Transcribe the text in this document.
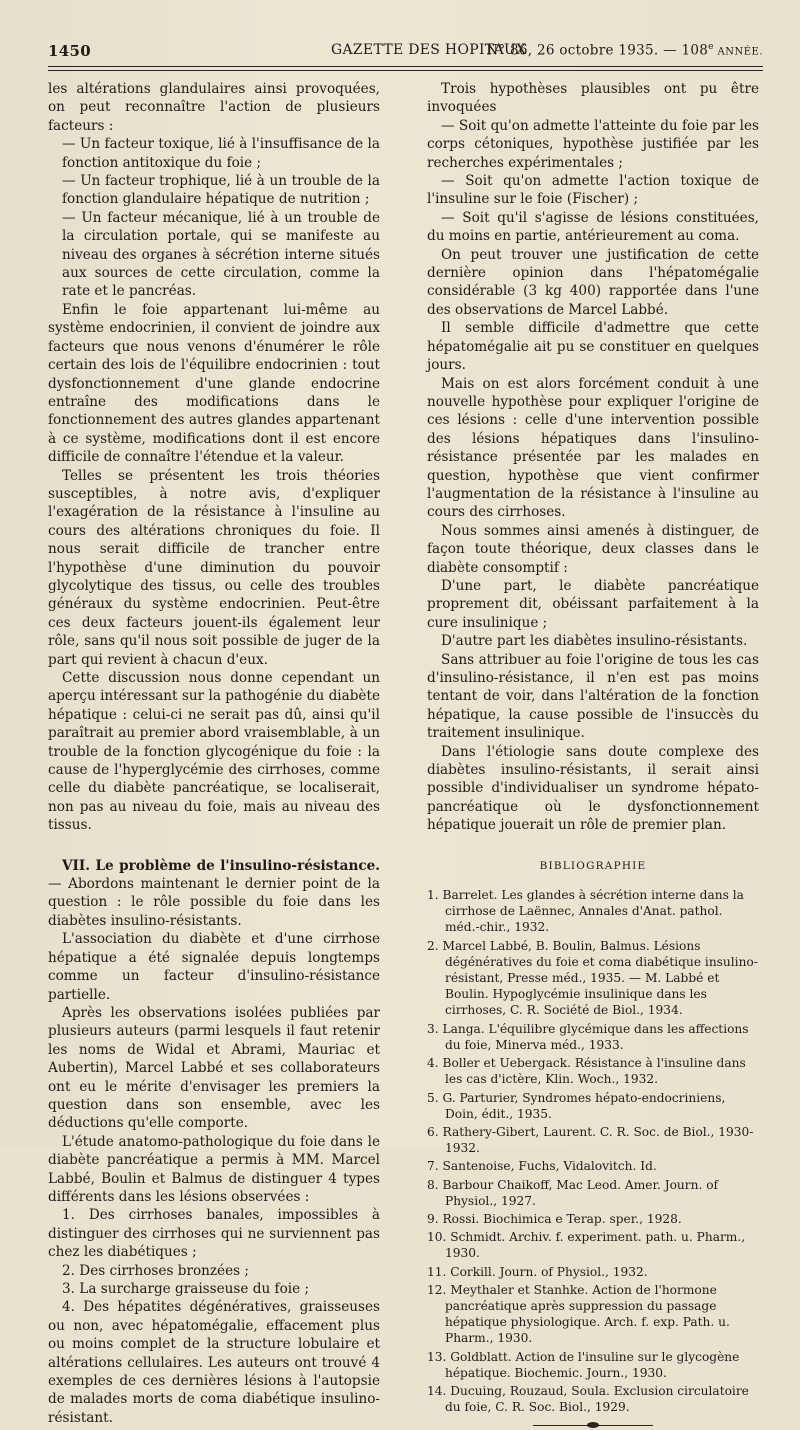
1450	GAZETTE DES HOPITAUX
N° 86, 26 octobre 1935. — 108e ANNÉE.

les altérations glandulaires ainsi provoquées, on peut reconnaître l'action de plusieurs facteurs :

— Un facteur toxique, lié à l'insuffisance de la fonction antitoxique du foie ;

— Un facteur trophique, lié à un trouble de la fonction glandulaire hépatique de nutrition ;

— Un facteur mécanique, lié à un trouble de la circulation portale, qui se manifeste au niveau des organes à sécrétion interne situés aux sources de cette circulation, comme la rate et le pancréas.

Enfin le foie appartenant lui-même au système endocrinien, il convient de joindre aux facteurs que nous venons d'énumérer le rôle certain des lois de l'équilibre endocrinien : tout dysfonctionnement d'une glande endocrine entraîne des modifications dans le fonctionnement des autres glandes appartenant à ce système, modifications dont il est encore difficile de connaître l'étendue et la valeur.

Telles se présentent les trois théories susceptibles, à notre avis, d'expliquer l'exagération de la résistance à l'insuline au cours des altérations chroniques du foie. Il nous serait difficile de trancher entre l'hypothèse d'une diminution du pouvoir glycolytique des tissus, ou celle des troubles généraux du système endocrinien. Peut-être ces deux facteurs jouent-ils également leur rôle, sans qu'il nous soit possible de juger de la part qui revient à chacun d'eux.

Cette discussion nous donne cependant un aperçu intéressant sur la pathogénie du diabète hépatique : celui-ci ne serait pas dû, ainsi qu'il paraîtrait au premier abord vraisemblable, à un trouble de la fonction glycogénique du foie : la cause de l'hyperglycémie des cirrhoses, comme celle du diabète pancréatique, se localiserait, non pas au niveau du foie, mais au niveau des tissus.

VII. Le problème de l'insulino-résistance. — Abordons maintenant le dernier point de la question : le rôle possible du foie dans les diabètes insulino-résistants.

L'association du diabète et d'une cirrhose hépatique a été signalée depuis longtemps comme un facteur d'insulino-résistance partielle.

Après les observations isolées publiées par plusieurs auteurs (parmi lesquels il faut retenir les noms de Widal et Abrami, Mauriac et Aubertin), Marcel Labbé et ses collaborateurs ont eu le mérite d'envisager les premiers la question dans son ensemble, avec les déductions qu'elle comporte.

L'étude anatomo-pathologique du foie dans le diabète pancréatique a permis à MM. Marcel Labbé, Boulin et Balmus de distinguer 4 types différents dans les lésions observées :

1. Des cirrhoses banales, impossibles à distinguer des cirrhoses qui ne surviennent pas chez les diabétiques ;

2. Des cirrhoses bronzées ;

3. La surcharge graisseuse du foie ;

4. Des hépatites dégénératives, graisseuses ou non, avec hépatomégalie, effacement plus ou moins complet de la structure lobulaire et altérations cellulaires. Les auteurs ont trouvé 4 exemples de ces dernières lésions à l'autopsie de malades morts de coma diabétique insulino-résistant.

Trois hypothèses plausibles ont pu être invoquées

— Soit qu'on admette l'atteinte du foie par les corps cétoniques, hypothèse justifiée par les recherches expérimentales ;

— Soit qu'on admette l'action toxique de l'insuline sur le foie (Fischer) ;

— Soit qu'il s'agisse de lésions constituées, du moins en partie, antérieurement au coma.

On peut trouver une justification de cette dernière opinion dans l'hépatomégalie considérable (3 kg 400) rapportée dans l'une des observations de Marcel Labbé.

Il semble difficile d'admettre que cette hépatomégalie ait pu se constituer en quelques jours.

Mais on est alors forcément conduit à une nouvelle hypothèse pour expliquer l'origine de ces lésions : celle d'une intervention possible des lésions hépatiques dans l'insulino-résistance présentée par les malades en question, hypothèse que vient confirmer l'augmentation de la résistance à l'insuline au cours des cirrhoses.

Nous sommes ainsi amenés à distinguer, de façon toute théorique, deux classes dans le diabète consomptif :

D'une part, le diabète pancréatique proprement dit, obéissant parfaitement à la cure insulinique ;

D'autre part les diabètes insulino-résistants.

Sans attribuer au foie l'origine de tous les cas d'insulino-résistance, il n'en est pas moins tentant de voir, dans l'altération de la fonction hépatique, la cause possible de l'insuccès du traitement insulinique.

Dans l'étiologie sans doute complexe des diabètes insulino-résistants, il serait ainsi possible d'individualiser un syndrome hépato-pancréatique où le dysfonctionnement hépatique jouerait un rôle de premier plan.

BIBLIOGRAPHIE
1. Barrelet. Les glandes à sécrétion interne dans la cirrhose de Laënnec, Annales d'Anat. pathol. méd.-chir., 1932.
2. Marcel Labbé, B. Boulin, Balmus. Lésions dégénératives du foie et coma diabétique insulino-résistant, Presse méd., 1935. — M. Labbé et Boulin. Hypoglycémie insulinique dans les cirrhoses, C. R. Société de Biol., 1934.
3. Langa. L'équilibre glycémique dans les affections du foie, Minerva méd., 1933.
4. Boller et Uebergack. Résistance à l'insuline dans les cas d'ictère, Klin. Woch., 1932.
5. G. Parturier, Syndromes hépato-endocriniens, Doin, édit., 1935.
6. Rathery-Gibert, Laurent. C. R. Soc. de Biol., 1930-1932.
7. Santenoise, Fuchs, Vidalovitch. Id.
8. Barbour Chaikoff, Mac Leod. Amer. Journ. of Physiol., 1927.
9. Rossi. Biochimica e Terap. sper., 1928.
10. Schmidt. Archiv. f. experiment. path. u. Pharm., 1930.
11. Corkill. Journ. of Physiol., 1932.
12. Meythaler et Stanhke. Action de l'hormone pancréatique après suppression du passage hépatique physiologique. Arch. f. exp. Path. u. Pharm., 1930.
13. Goldblatt. Action de l'insuline sur le glycogène hépatique. Biochemic. Journ., 1930.
14. Ducuing, Rouzaud, Soula. Exclusion circulatoire du foie, C. R. Soc. Biol., 1929.
